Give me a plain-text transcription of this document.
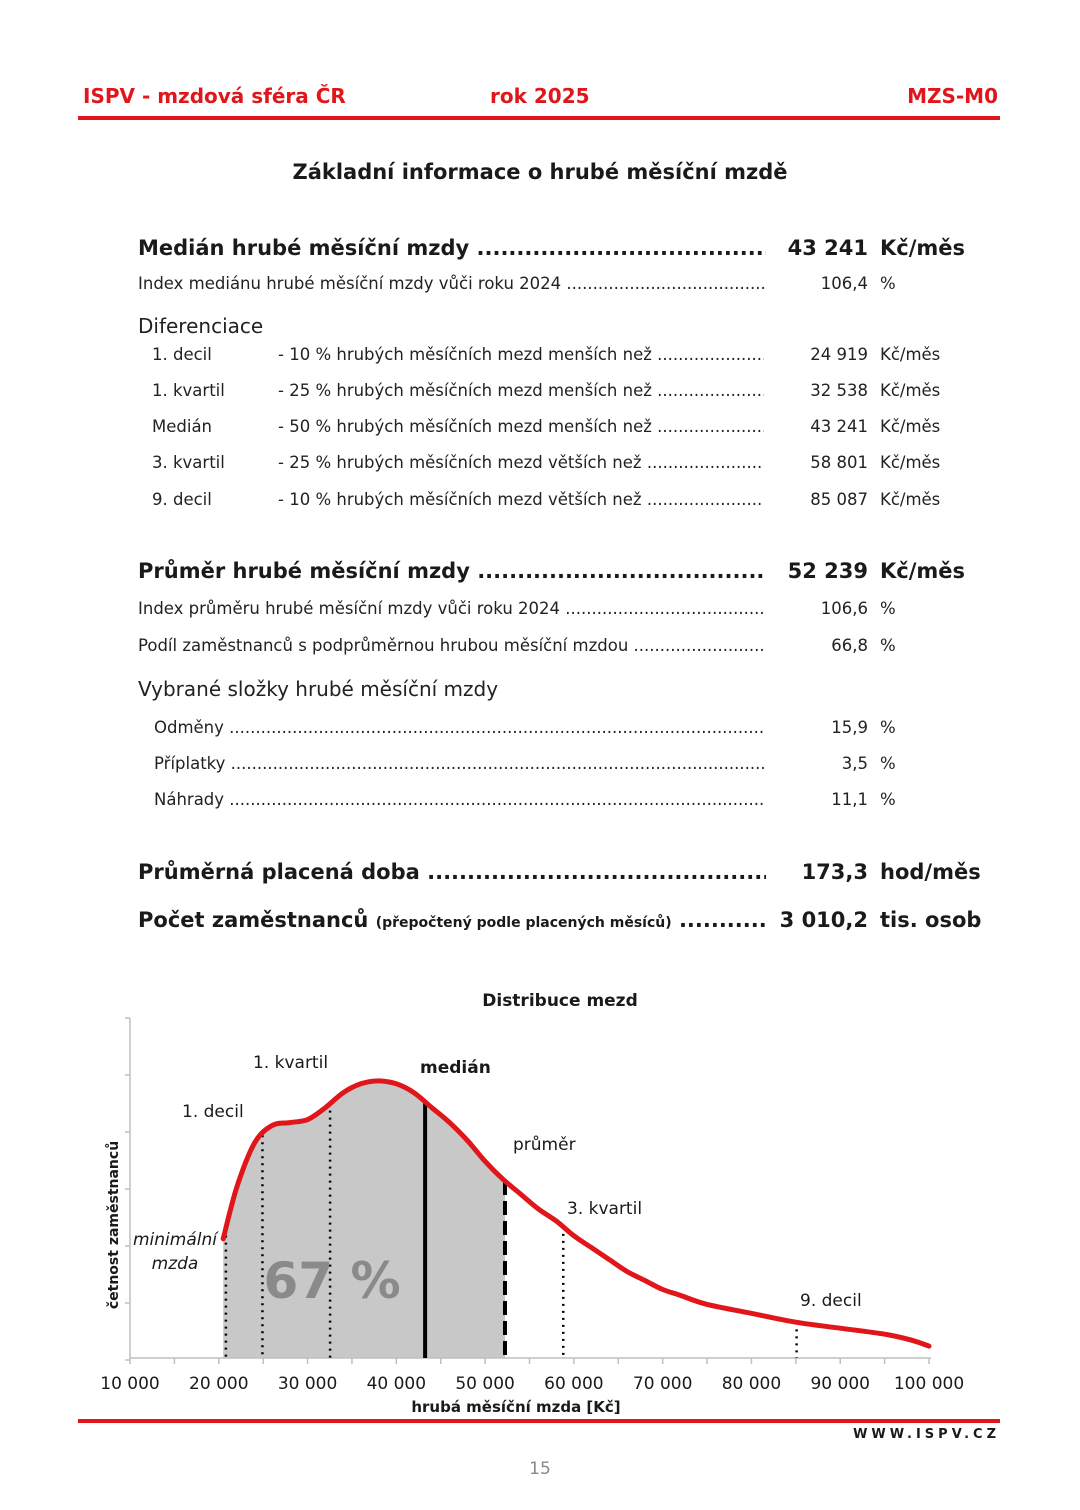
ISPV - mzdová sféra ČR	rok 2025	MZS-M0
Základní informace o hrubé měsíční mzdě
Medián hrubé měsíční mzdy .....	43 241 Kč/měs
Index mediánu hrubé měsíční mzdy vůči roku 2024 .....	106,4 %
Diferenciace
1. decil	- 10 % hrubých měsíčních mezd menších než .....	24 919 Kč/měs
1. kvartil	- 25 % hrubých měsíčních mezd menších než .....	32 538 Kč/měs
Medián	- 50 % hrubých měsíčních mezd menších než .....	43 241 Kč/měs
3. kvartil	- 25 % hrubých měsíčních mezd větších než .....	58 801 Kč/měs
9. decil	- 10 % hrubých měsíčních mezd větších než .....	85 087 Kč/měs
Průměr hrubé měsíční mzdy .....	52 239 Kč/měs
Index průměru hrubé měsíční mzdy vůči roku 2024 .....	106,6 %
Podíl zaměstnanců s podprůměrnou hrubou měsíční mzdou .....	66,8 %
Vybrané složky hrubé měsíční mzdy
Odměny .....	15,9 %
Příplatky .....	3,5 %
Náhrady .....	11,1 %
Průměrná placená doba .....	173,3 hod/měs
Počet zaměstnanců (přepočtený podle placených měsíců) .....	3 010,2 tis. osob
10 000 20 000 30 000 40 000 50 000 60 000 70 000 80 000 90 000 100 000
Distribuce mezd
hrubá měsíční mzda [Kč]
četnost zaměstnanců minimální
mzda
1. decil
1. kvartil	medián
průměr
3. kvartil
9. decil
67 %
WWW.ISPV.CZ
15
